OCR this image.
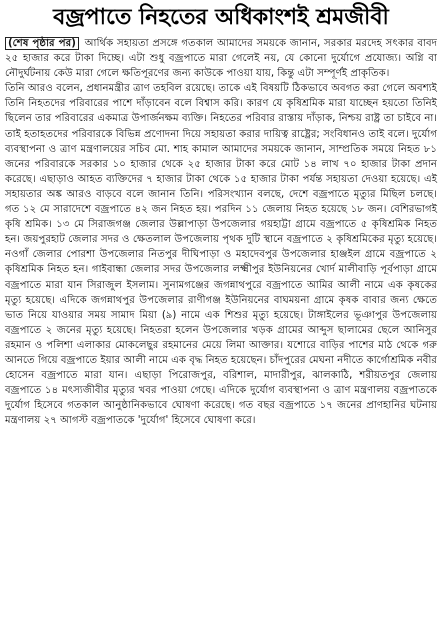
বজ্রপাতে নিহতের অধিকাংশই শ্রমজীবী

(শেষ পৃষ্ঠার পর) আর্থিক সহায়তা প্রসঙ্গে গতকাল আমাদের সময়কে জানান, সরকার মরদেহ সৎকার বাবদ ২৫ হাজার করে টাকা দিচ্ছে। এটা শুধু বজ্রপাতে মারা গেলেই নয়, যে কোনো দুর্যোগে প্রযোজ্য। অগ্নি বা নৌদুর্ঘটনায় কেউ মারা গেলে ক্ষতিপূরণের জন্য কাউকে পাওয়া যায়, কিন্তু এটা সম্পূর্ণই প্রাকৃতিক।

তিনি আরও বলেন, প্রধানমন্ত্রীর ত্রাণ তহবিল রয়েছে। তাকে এই বিষয়টি ঠিকভাবে অবগত করা গেলে অবশ্যই তিনি নিহতদের পরিবারের পাশে দাঁড়াবেন বলে বিশ্বাস করি। কারণ যে কৃষিশ্রমিক মারা যাচ্ছেন হয়তো তিনিই ছিলেন তার পরিবারের একমাত্র উপার্জনক্ষম ব্যক্তি। নিহতের পরিবার রাস্তায় দাঁড়াক, নিশ্চয় রাষ্ট্র তা চাইবে না। তাই হতাহতদের পরিবারকে বিভিন্ন প্রণোদনা দিয়ে সহায়তা করার দায়িত্ব রাষ্ট্রের; সংবিধানও তাই বলে। দুর্যোগ ব্যবস্থাপনা ও ত্রাণ মন্ত্রণালয়ের সচিব মো. শাহ কামাল আমাদের সময়কে জানান, সাম্প্রতিক সময়ে নিহত ৮১ জনের পরিবারকে সরকার ১০ হাজার থেকে ২৫ হাজার টাকা করে মোট ১৪ লাখ ৭০ হাজার টাকা প্রদান করেছে। এছাড়াও আহত ব্যক্তিদের ৭ হাজার টাকা থেকে ১৫ হাজার টাকা পর্যন্ত সহায়তা দেওয়া হয়েছে। এই সহায়তার অঙ্ক আরও বাড়বে বলে জানান তিনি। পরিসংখ্যান বলছে, দেশে বজ্রপাতে মৃত্যুর মিছিল চলছে। গত ১২ মে সারাদেশে বজ্রপাতে ৪২ জন নিহত হয়। পরদিন ১১ জেলায় নিহত হয়েছে ১৮ জন। বেশিরভাগই কৃষি শ্রমিক। ১৩ মে সিরাজগঞ্জ জেলার উল্লাপাড়া উপজেলার গয়হাট্টা গ্রামে বজ্রপাতে ৫ কৃষিশ্রমিক নিহত হন। জয়পুরহাট জেলার সদর ও ক্ষেতলাল উপজেলায় পৃথক দুটি স্থানে বজ্রপাতে ২ কৃষিশ্রমিকের মৃত্যু হয়েছে। নওগাঁ জেলার পোরশা উপজেলার নিতপুর দীঘিপাড়া ও মহাদেবপুর উপজেলার হাঞ্জইল গ্রামে বজ্রপাতে ২ কৃষিশ্রমিক নিহত হন। গাইবান্ধা জেলার সদর উপজেলার লক্ষ্মীপুর ইউনিয়নের খোর্দ মালীবাড়ি পূর্বপাড়া গ্রামে বজ্রপাতে মারা যান সিরাজুল ইসলাম। সুনামগঞ্জের জগন্নাথপুরে বজ্রপাতে আমির আলী নামে এক কৃষকের মৃত্যু হয়েছে। এদিকে জগন্নাথপুর উপজেলার রাণীগঞ্জ ইউনিয়নের বাঘময়না গ্রামে কৃষক বাবার জন্য ক্ষেতে ভাত নিয়ে যাওয়ার সময় সামাদ মিয়া (৯) নামে এক শিশুর মৃত্যু হয়েছে। টাঙ্গাইলের ভূঞাপুর উপজেলায় বজ্রপাতে ২ জনের মৃত্যু হয়েছে। নিহতরা হলেন উপজেলার খড়ক গ্রামের আব্দুস ছালামের ছেলে আনিসুর রহমান ও পলিশা এলাকার মোকলেছুর রহমানের মেয়ে লিমা আক্তার। যশোরে বাড়ির পাশের মাঠ থেকে গরু আনতে গিয়ে বজ্রপাতে ইয়ার আলী নামে এক বৃদ্ধ নিহত হয়েছেন। চাঁদপুরের মেঘনা নদীতে কার্গোশ্রমিক নবীর হোসেন বজ্রপাতে মারা যান। এছাড়া পিরোজপুর, বরিশাল, মাদারীপুর, ঝালকাঠি, শরীয়তপুর জেলায় বজ্রপাতে ১৪ মৎস্যজীবীর মৃত্যুর খবর পাওয়া গেছে। এদিকে দুর্যোগ ব্যবস্থাপনা ও ত্রাণ মন্ত্রণালয় বজ্রপাতকে দুর্যোগ হিসেবে গতকাল আনুষ্ঠানিকভাবে ঘোষণা করেছে। গত বছর বজ্রপাতে ১৭ জনের প্রাণহানির ঘটনায় মন্ত্রণালয় ২৭ আগস্ট বজ্রপাতকে 'দুর্যোগ' হিসেবে ঘোষণা করে।
